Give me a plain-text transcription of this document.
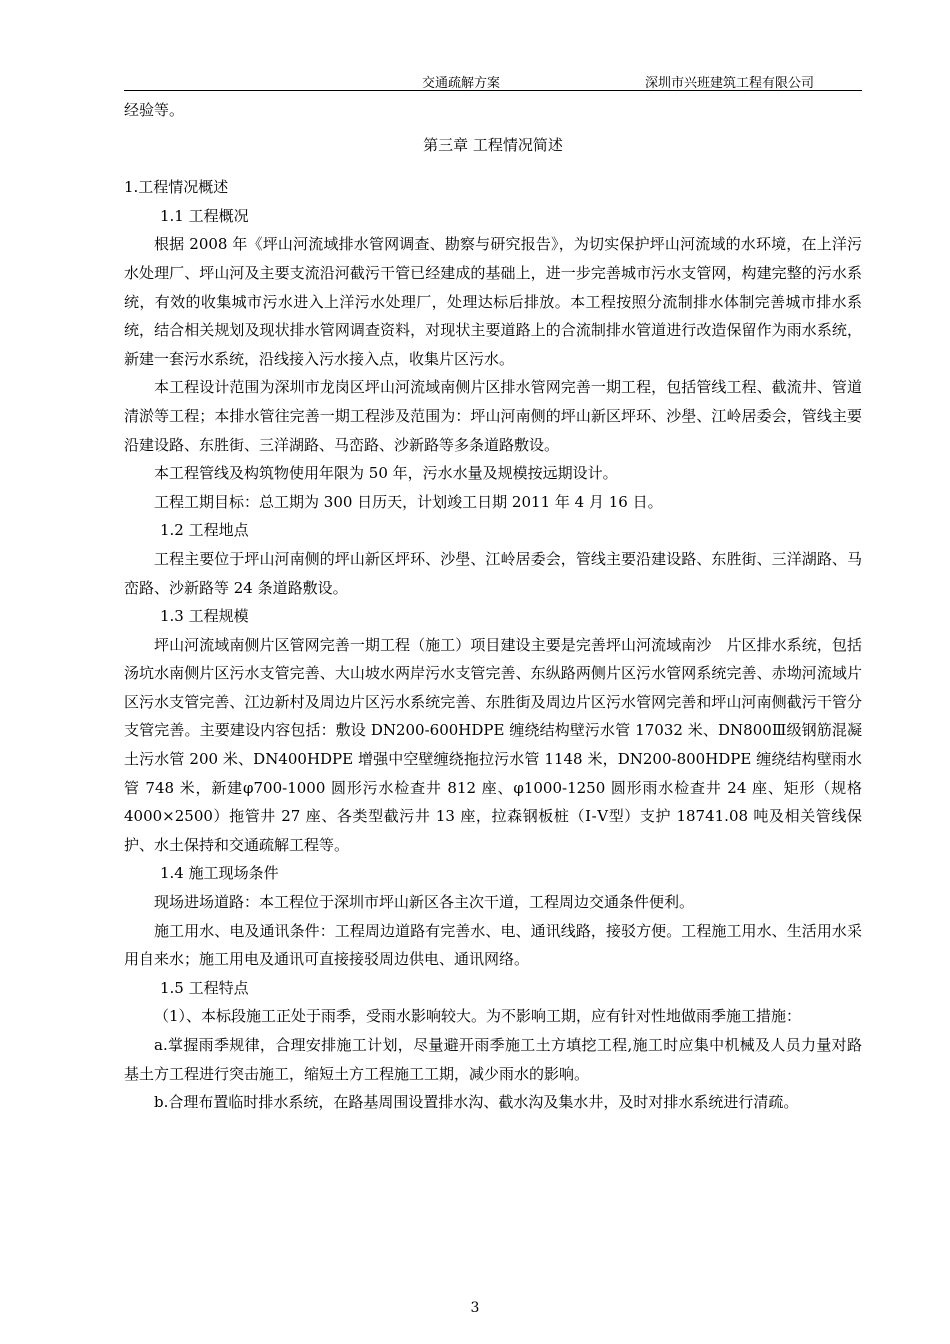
交通疏解方案	深圳市兴班建筑工程有限公司

经验等。

第三章 工程情况简述

1.工程情况概述

1.1 工程概况

根据 2008 年《坪山河流域排水管网调查、勘察与研究报告》，为切实保护坪山河流域的水环境，在上洋污水处理厂、坪山河及主要支流沿河截污干管已经建成的基础上，进一步完善城市污水支管网，构建完整的污水系统，有效的收集城市污水进入上洋污水处理厂，处理达标后排放。本工程按照分流制排水体制完善城市排水系统，结合相关规划及现状排水管网调查资料，对现状主要道路上的合流制排水管道进行改造保留作为雨水系统，新建一套污水系统，沿线接入污水接入点，收集片区污水。

本工程设计范围为深圳市龙岗区坪山河流域南侧片区排水管网完善一期工程，包括管线工程、截流井、管道清淤等工程；本排水管往完善一期工程涉及范围为：坪山河南侧的坪山新区坪环、沙壆、江岭居委会，管线主要沿建设路、东胜街、三洋湖路、马峦路、沙新路等多条道路敷设。

本工程管线及构筑物使用年限为 50 年，污水水量及规模按远期设计。

工程工期目标：总工期为 300 日历天，计划竣工日期 2011 年 4 月 16 日。

1.2 工程地点

工程主要位于坪山河南侧的坪山新区坪环、沙壆、江岭居委会，管线主要沿建设路、东胜街、三洋湖路、马峦路、沙新路等 24 条道路敷设。

1.3 工程规模

坪山河流域南侧片区管网完善一期工程（施工）项目建设主要是完善坪山河流域南沙　片区排水系统，包括汤坑水南侧片区污水支管完善、大山坡水两岸污水支管完善、东纵路两侧片区污水管网系统完善、赤坳河流域片区污水支管完善、江边新村及周边片区污水系统完善、东胜街及周边片区污水管网完善和坪山河南侧截污干管分支管完善。主要建设内容包括：敷设 DN200-600HDPE 缠绕结构壁污水管 17032 米、DN800Ⅲ级钢筋混凝土污水管 200 米、DN400HDPE 增强中空壁缠绕拖拉污水管 1148 米，DN200-800HDPE 缠绕结构壁雨水管 748 米，新建φ700-1000 圆形污水检查井 812 座、φ1000-1250 圆形雨水检查井 24 座、矩形（规格 4000×2500）拖管井 27 座、各类型截污井 13 座，拉森钢板桩（Ⅰ-Ⅴ型）支护 18741.08 吨及相关管线保护、水土保持和交通疏解工程等。

1.4 施工现场条件

现场进场道路：本工程位于深圳市坪山新区各主次干道，工程周边交通条件便利。

施工用水、电及通讯条件：工程周边道路有完善水、电、通讯线路，接驳方便。工程施工用水、生活用水采用自来水；施工用电及通讯可直接接驳周边供电、通讯网络。

1.5 工程特点

（1）、本标段施工正处于雨季，受雨水影响较大。为不影响工期，应有针对性地做雨季施工措施：

a.掌握雨季规律，合理安排施工计划，尽量避开雨季施工土方填挖工程,施工时应集中机械及人员力量对路基土方工程进行突击施工，缩短土方工程施工工期，减少雨水的影响。

b.合理布置临时排水系统，在路基周围设置排水沟、截水沟及集水井，及时对排水系统进行清疏。

3
